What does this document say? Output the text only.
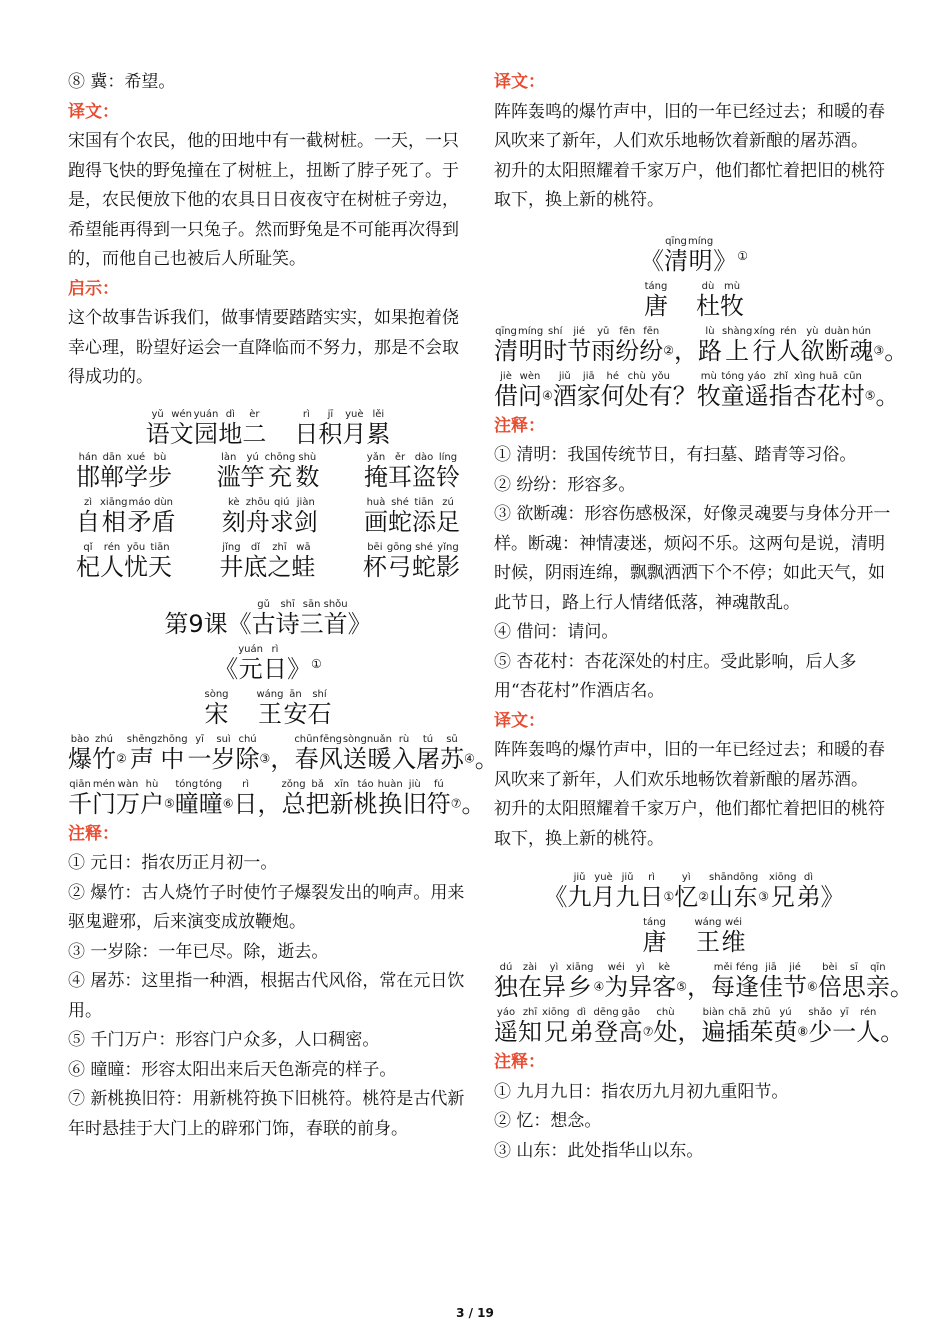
⑧ 冀：希望。

译文：

宋国有个农民，他的田地中有一截树桩。一天，一只跑得飞快的野兔撞在了树桩上，扭断了脖子死了。于是，农民便放下他的农具日日夜夜守在树桩子旁边，希望能再得到一只兔子。然而野兔是不可能再次得到的，而他自己也被后人所耻笑。

启示：

这个故事告诉我们，做事情要踏踏实实，如果抱着侥幸心理，盼望好运会一直降临而不努力，那是不会取得成功的。

yǔ
语
wén
文
yuán
园
dì
地
èr
二
rì
日
jī
积
yuè
月
lěi
累
hán
邯
dān
郸
xué
学
bù
步
làn
滥
yú
竽
chōng
充
shù
数
yǎn
掩
ěr
耳
dào
盗
líng
铃
zì
自
xiāng
相
máo
矛
dùn
盾
kè
刻
zhōu
舟
qiú
求
jiàn
剑
huà
画
shé
蛇
tiān
添
zú
足
qǐ
杞
rén
人
yōu
忧
tiān
天
jǐng
井
dǐ
底
zhī
之
wā
蛙
bēi
杯
gōng
弓
shé
蛇
yǐng
影
第9课《
gǔ
古
shī
诗
sān
三
shǒu
首 》
《
yuán
元
rì
日 》①
sòng
宋
wáng
王
ān
安
shí
石
bào
爆
zhú
竹 ②
shēng
声
zhōng
中
yī
一
suì
岁
chú
除 ③，
chūn
春
fēng
风
sòng
送
nuǎn
暖
rù
入
tú
屠
sū
苏 ④。
qiān
千
mén
门
wàn
万
hù
户 ⑤
tóng
曈
tóng
曈 ⑥
rì
日 ，
zǒng
总
bǎ
把
xīn
新
táo
桃
huàn
换
jiù
旧
fú
符 ⑦。

注释：

① 元日：指农历正月初一。

② 爆竹：古人烧竹子时使竹子爆裂发出的响声。用来驱鬼避邪，后来演变成放鞭炮。

③ 一岁除：一年已尽。除，逝去。

④ 屠苏：这里指一种酒，根据古代风俗，常在元日饮用。

⑤ 千门万户：形容门户众多，人口稠密。

⑥ 曈曈：形容太阳出来后天色渐亮的样子。

⑦ 新桃换旧符：用新桃符换下旧桃符。桃符是古代新年时悬挂于大门上的辟邪门饰，春联的前身。

译文：

阵阵轰鸣的爆竹声中，旧的一年已经过去；和暖的春风吹来了新年，人们欢乐地畅饮着新酿的屠苏酒。

初升的太阳照耀着千家万户，他们都忙着把旧的桃符取下，换上新的桃符。

《
qīng
清
míng
明 》①
táng
唐
dù
杜
mù
牧
qīng
清
míng
明
shí
时
jié
节
yǔ
雨
fēn
纷
fēn
纷 ②，
lù
路
shàng
上
xíng
行
rén
人
yù
欲
duàn
断
hún
魂 ③。
jiè
借
wèn
问 ④
jiǔ
酒
jiā
家
hé
何
chù
处
yǒu
有 ？
mù
牧
tóng
童
yáo
遥
zhǐ
指
xìng
杏
huā
花
cūn
村 ⑤。

注释：

① 清明：我国传统节日，有扫墓、踏青等习俗。

② 纷纷：形容多。

③ 欲断魂：形容伤感极深，好像灵魂要与身体分开一样。断魂：神情凄迷，烦闷不乐。这两句是说，清明时候，阴雨连绵，飘飘洒洒下个不停；如此天气，如此节日，路上行人情绪低落，神魂散乱。

④ 借问：请问。

⑤ 杏花村：杏花深处的村庄。受此影响，后人多用“杏花村”作酒店名。

译文：

阵阵轰鸣的爆竹声中，旧的一年已经过去；和暖的春风吹来了新年，人们欢乐地畅饮着新酿的屠苏酒。

初升的太阳照耀着千家万户，他们都忙着把旧的桃符取下，换上新的桃符。

《
jiǔ
九
yuè
月
jiǔ
九
rì
日 ①
yì
忆 ②
shān
山
dōng
东 ③
xiōng
兄
dì
弟 》
táng
唐
wáng
王
wéi
维
dú
独
zài
在
yì
异
xiāng
乡 ④
wéi
为
yì
异
kè
客 ⑤，
měi
每
féng
逢
jiā
佳
jié
节 ⑥
bèi
倍
sī
思
qīn
亲 。
yáo
遥
zhī
知
xiōng
兄
dì
弟
dēng
登
gāo
高 ⑦
chù
处 ，
biàn
遍
chā
插
zhū
茱
yú
萸 ⑧
shǎo
少
yī
一
rén
人 。

注释：

① 九月九日：指农历九月初九重阳节。

② 忆：想念。

③ 山东：此处指华山以东。

3 / 19
